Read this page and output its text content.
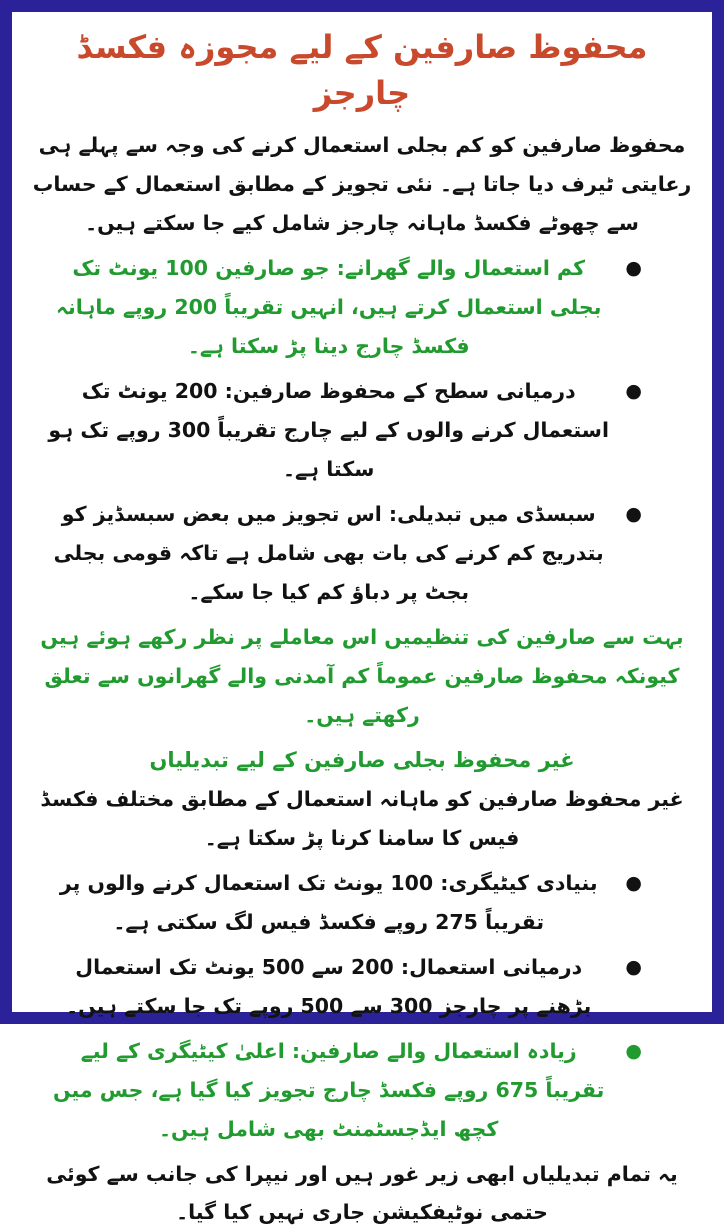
محفوظ صارفین کے لیے مجوزہ فکسڈ چارجز

محفوظ صارفین کو کم بجلی استعمال کرنے کی وجہ سے پہلے ہی رعایتی ٹیرف دیا جاتا ہے۔ نئی تجویز کے مطابق استعمال کے حساب سے چھوٹے فکسڈ ماہانہ چارجز شامل کیے جا سکتے ہیں۔

●
کم استعمال والے گھرانے: جو صارفین 100 یونٹ تک بجلی استعمال کرتے ہیں، انہیں تقریباً 200 روپے ماہانہ فکسڈ چارج دینا پڑ سکتا ہے۔
●
درمیانی سطح کے محفوظ صارفین: 200 یونٹ تک استعمال کرنے والوں کے لیے چارج تقریباً 300 روپے تک ہو سکتا ہے۔
●
سبسڈی میں تبدیلی: اس تجویز میں بعض سبسڈیز کو بتدریج کم کرنے کی بات بھی شامل ہے تاکہ قومی بجلی بجٹ پر دباؤ کم کیا جا سکے۔

بہت سے صارفین کی تنظیمیں اس معاملے پر نظر رکھے ہوئے ہیں کیونکہ محفوظ صارفین عموماً کم آمدنی والے گھرانوں سے تعلق رکھتے ہیں۔

غیر محفوظ بجلی صارفین کے لیے تبدیلیاں

غیر محفوظ صارفین کو ماہانہ استعمال کے مطابق مختلف فکسڈ فیس کا سامنا کرنا پڑ سکتا ہے۔

●
بنیادی کیٹیگری: 100 یونٹ تک استعمال کرنے والوں پر تقریباً 275 روپے فکسڈ فیس لگ سکتی ہے۔
●
درمیانی استعمال: 200 سے 500 یونٹ تک استعمال بڑھنے پر چارجز 300 سے 500 روپے تک جا سکتے ہیں۔
●
زیادہ استعمال والے صارفین: اعلیٰ کیٹیگری کے لیے تقریباً 675 روپے فکسڈ چارج تجویز کیا گیا ہے، جس میں کچھ ایڈجسٹمنٹ بھی شامل ہیں۔

یہ تمام تبدیلیاں ابھی زیر غور ہیں اور نیپرا کی جانب سے کوئی حتمی نوٹیفکیشن جاری نہیں کیا گیا۔
